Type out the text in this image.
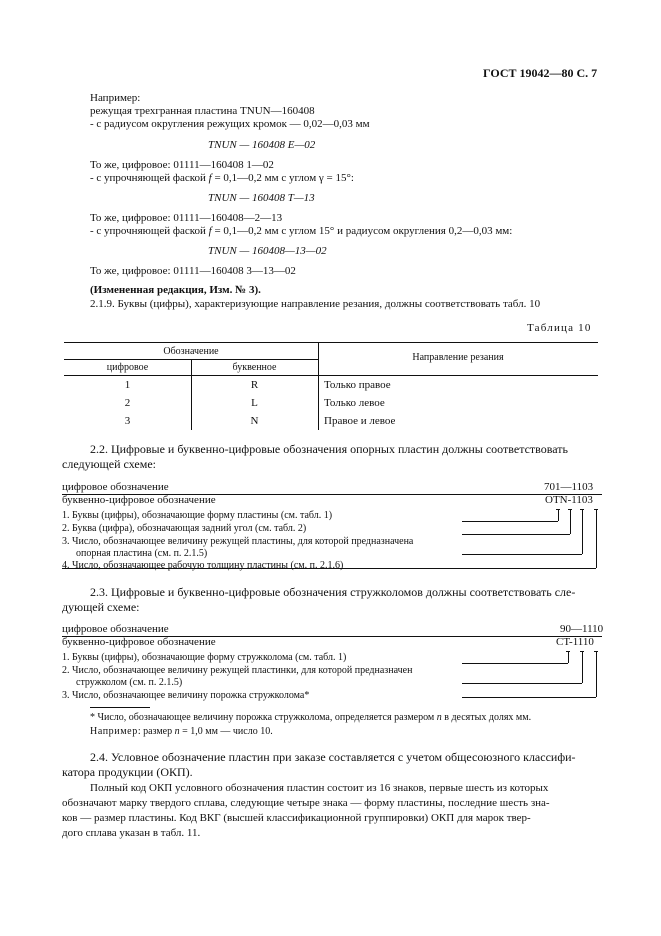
ГОСТ 19042—80 С. 7
Например:
режущая трехгранная пластина TNUN—160408
- с радиусом округления режущих кромок — 0,02—0,03 мм
TNUN — 160408 E—02
То же, цифровое: 01111—160408 1—02
- с упрочняющей фаской f = 0,1—0,2 мм с углом γ = 15°:
TNUN — 160408 T—13
То же, цифровое: 01111—160408—2—13
- с упрочняющей фаской f = 0,1—0,2 мм с углом 15° и радиусом округления 0,2—0,03 мм:
TNUN — 160408—13—02
То же, цифровое: 01111—160408 3—13—02
(Измененная редакция, Изм. № 3).
2.1.9. Буквы (цифры), характеризующие направление резания, должны соответствовать табл. 10
Таблица 10
Обозначение
цифровое	буквенное
Направление резания
1	R	Только правое
2	L	Только левое
3	N	Правое и левое
2.2. Цифровые и буквенно-цифровые обозначения опорных пластин должны соответствовать
следующей схеме:
цифровое обозначение	701—1103
буквенно-цифровое обозначение	OTN-1103
1. Буквы (цифры), обозначающие форму пластины (см. табл. 1)
2. Буква (цифра), обозначающая задний угол (см. табл. 2)
3. Число, обозначающее величину режущей пластины, для которой предназначена
опорная пластина (см. п. 2.1.5)
4. Число, обозначающее рабочую толщину пластины (см. п. 2.1.6)
2.3. Цифровые и буквенно-цифровые обозначения стружколомов должны соответствовать сле-
дующей схеме:
цифровое обозначение	90—1110
буквенно-цифровое обозначение	CT-1110
1. Буквы (цифры), обозначающие форму стружколома (см. табл. 1)
2. Число, обозначающее величину режущей пластинки, для которой предназначен
стружколом (см. п. 2.1.5)
3. Число, обозначающее величину порожка стружколома*
* Число, обозначающее величину порожка стружколома, определяется размером n в десятых долях мм.
Например: размер n = 1,0 мм — число 10.
2.4. Условное обозначение пластин при заказе составляется с учетом общесоюзного классифи-
катора продукции (ОКП).
Полный код ОКП условного обозначения пластин состоит из 16 знаков, первые шесть из которых
обозначают марку твердого сплава, следующие четыре знака — форму пластины, последние шесть зна-
ков — размер пластины. Код ВКГ (высшей классификационной группировки) ОКП для марок твер-
дого сплава указан в табл. 11.
